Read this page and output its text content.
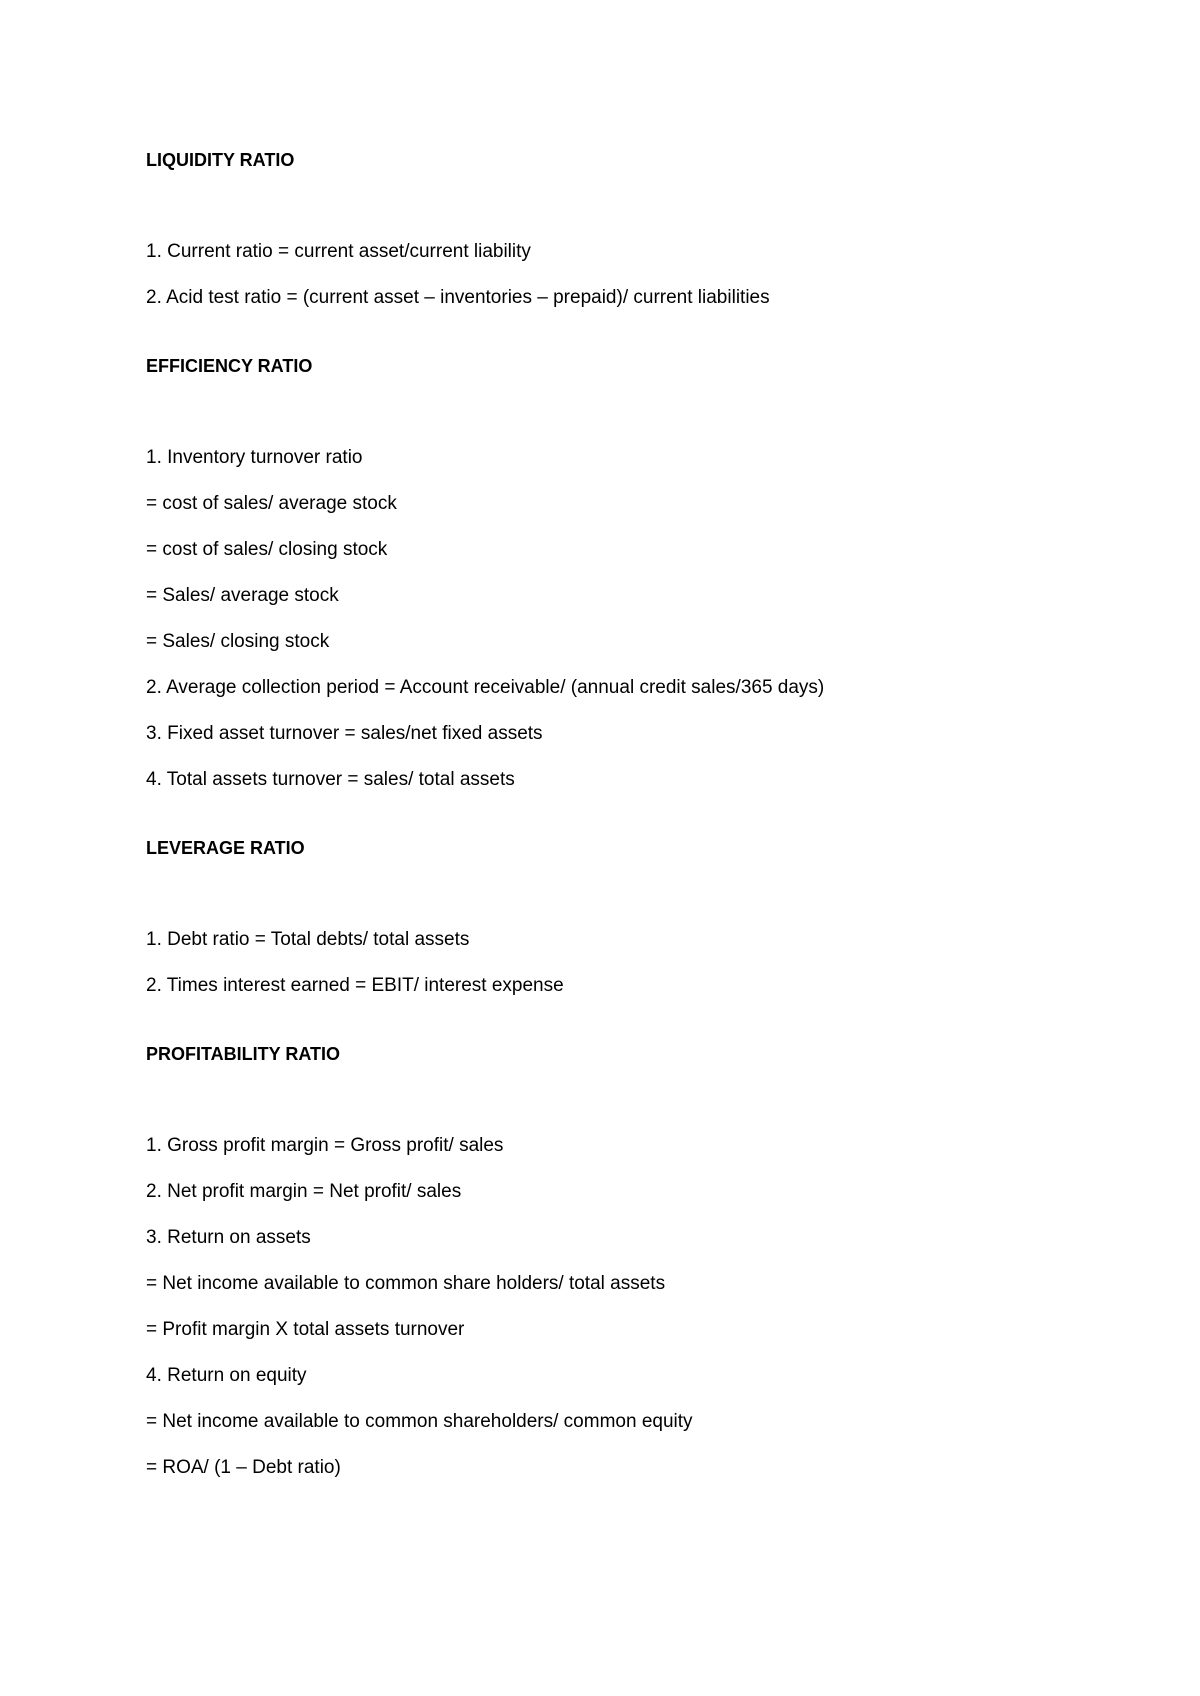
LIQUIDITY RATIO
1. Current ratio = current asset/current liability
2. Acid test ratio = (current asset – inventories – prepaid)/ current liabilities
EFFICIENCY RATIO
1. Inventory turnover ratio
= cost of sales/ average stock
= cost of sales/ closing stock
= Sales/ average stock
= Sales/ closing stock
2. Average collection period = Account receivable/ (annual credit sales/365 days)
3. Fixed asset turnover = sales/net fixed assets
4. Total assets turnover = sales/ total assets
LEVERAGE RATIO
1. Debt ratio = Total debts/ total assets
2. Times interest earned = EBIT/ interest expense
PROFITABILITY RATIO
1. Gross profit margin = Gross profit/ sales
2. Net profit margin = Net profit/ sales
3. Return on assets
= Net income available to common share holders/ total assets
= Profit margin X total assets turnover
4. Return on equity
= Net income available to common shareholders/ common equity
= ROA/ (1 – Debt ratio)
